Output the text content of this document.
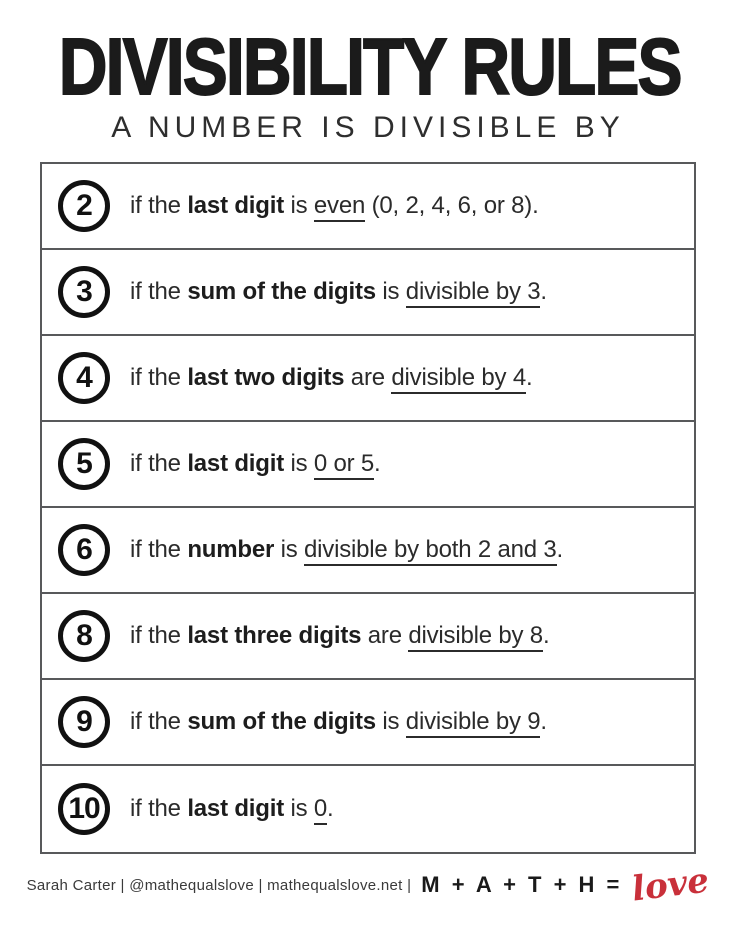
DIVISIBILITY RULES
A NUMBER IS DIVISIBLE BY
2	if the last digit is even (0, 2, 4, 6, or 8).

3	if the sum of the digits is divisible by 3.

4	if the last two digits are divisible by 4.

5	if the last digit is 0 or 5.

6	if the number is divisible by both 2 and 3.

8	if the last three digits are divisible by 8.

9	if the sum of the digits is divisible by 9.

10	if the last digit is 0.

Sarah Carter | @mathequalslove | mathequalslove.net | M + A + T + H = love
